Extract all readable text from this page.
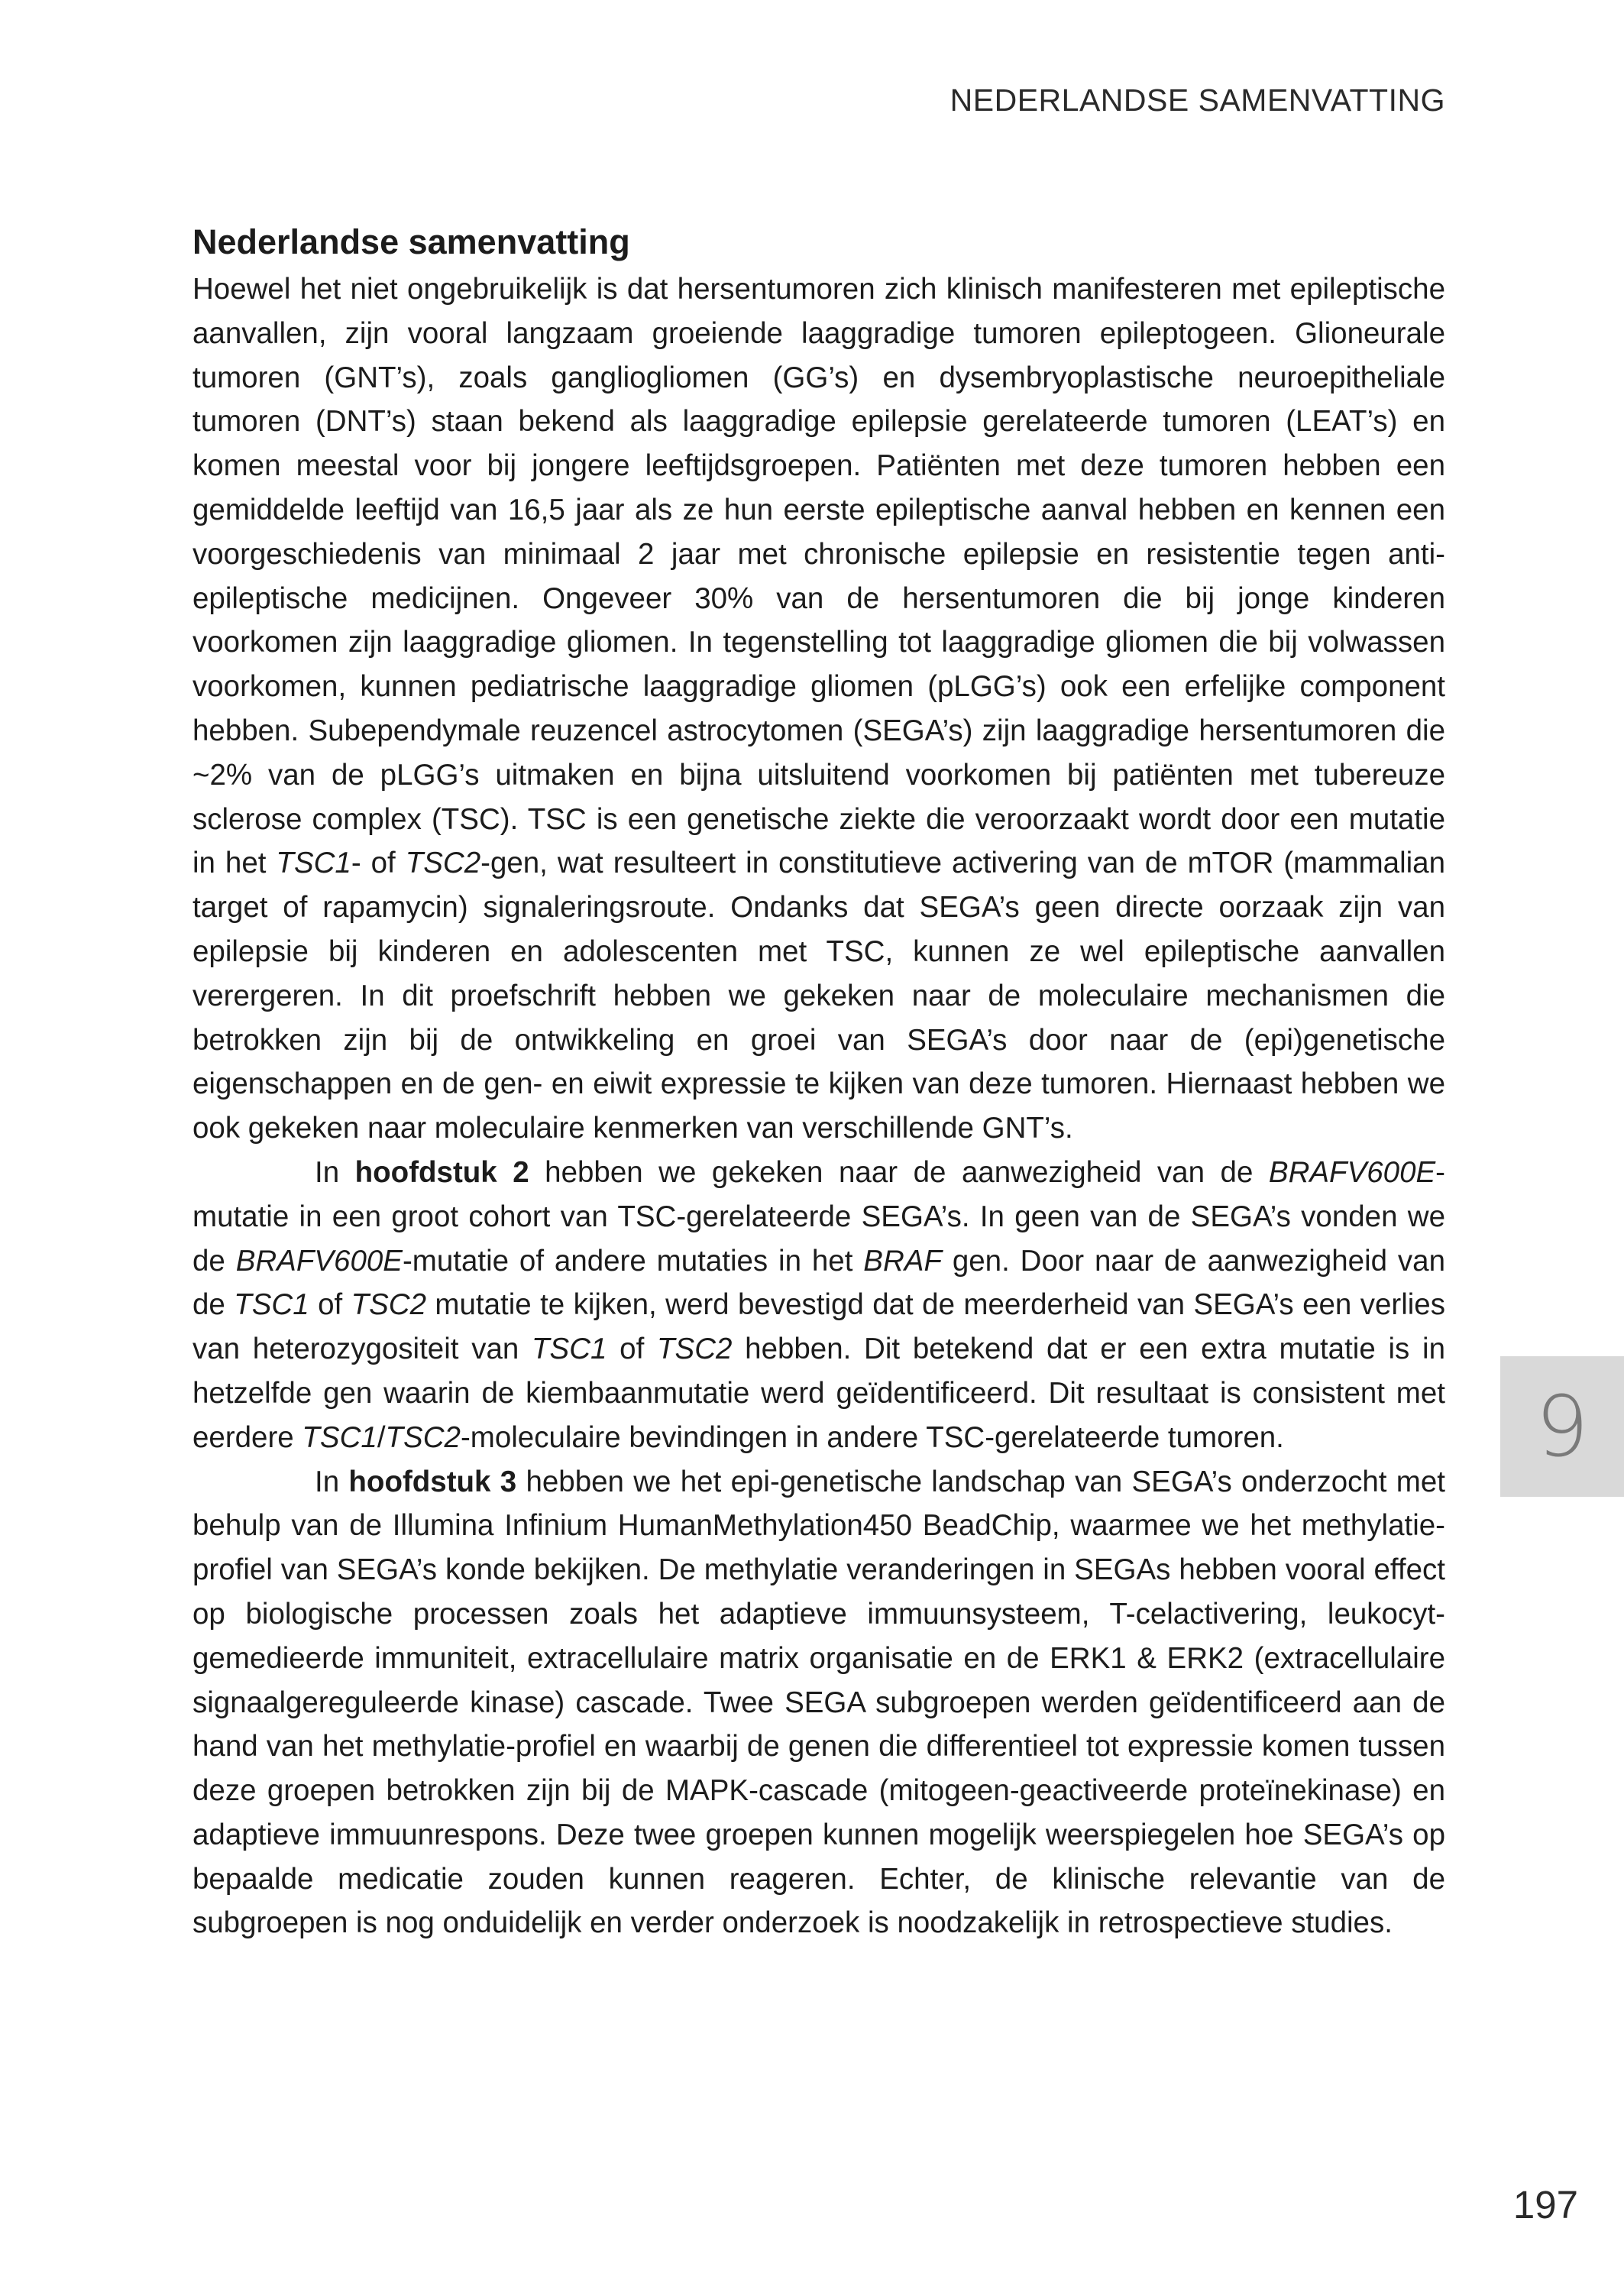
NEDERLANDSE SAMENVATTING
Nederlandse samenvatting

Hoewel het niet ongebruikelijk is dat hersentumoren zich klinisch manifesteren met epileptische aanvallen, zijn vooral langzaam groeiende laaggradige tumoren epileptogeen. Glioneurale tumoren (GNT’s), zoals gangliogliomen (GG’s) en dysembryoplastische neuroepitheliale tumoren (DNT’s) staan bekend als laaggradige epilepsie gerelateerde tumoren (LEAT’s) en komen meestal voor bij jongere leeftijdsgroepen. Patiënten met deze tumoren hebben een gemiddelde leeftijd van 16,5 jaar als ze hun eerste epileptische aanval hebben en kennen een voorgeschiedenis van minimaal 2 jaar met chronische epilepsie en resistentie tegen anti-epileptische medicijnen. Ongeveer 30% van de hersentumoren die bij jonge kinderen voorkomen zijn laaggradige gliomen. In tegenstelling tot laaggradige gliomen die bij volwassen voorkomen, kunnen pediatrische laaggradige gliomen (pLGG’s) ook een erfelijke component hebben. Subependymale reuzencel astrocytomen (SEGA’s) zijn laaggradige hersentumoren die ~2% van de pLGG’s uitmaken en bijna uitsluitend voorkomen bij patiënten met tubereuze sclerose complex (TSC). TSC is een genetische ziekte die veroorzaakt wordt door een mutatie in het TSC1- of TSC2-gen, wat resulteert in constitutieve activering van de mTOR (mammalian target of rapamycin) signaleringsroute. Ondanks dat SEGA’s geen directe oorzaak zijn van epilepsie bij kinderen en adolescenten met TSC, kunnen ze wel epileptische aanvallen verergeren. In dit proefschrift hebben we gekeken naar de moleculaire mechanismen die betrokken zijn bij de ontwikkeling en groei van SEGA’s door naar de (epi)genetische eigenschappen en de gen- en eiwit expressie te kijken van deze tumoren. Hiernaast hebben we ook gekeken naar moleculaire kenmerken van verschillende GNT’s.

In hoofdstuk 2 hebben we gekeken naar de aanwezigheid van de BRAFV600E-mutatie in een groot cohort van TSC-gerelateerde SEGA’s. In geen van de SEGA’s vonden we de BRAFV600E-mutatie of andere mutaties in het BRAF gen. Door naar de aanwezigheid van de TSC1 of TSC2 mutatie te kijken, werd bevestigd dat de meerderheid van SEGA’s een verlies van heterozygositeit van TSC1 of TSC2 hebben. Dit betekend dat er een extra mutatie is in hetzelfde gen waarin de kiembaanmutatie werd geïdentificeerd. Dit resultaat is consistent met eerdere TSC1/TSC2-moleculaire bevindingen in andere TSC-gerelateerde tumoren.

In hoofdstuk 3 hebben we het epi-genetische landschap van SEGA’s onderzocht met behulp van de Illumina Infinium HumanMethylation450 BeadChip, waarmee we het methylatie-profiel van SEGA’s konde bekijken. De methylatie veranderingen in SEGAs hebben vooral effect op biologische processen zoals het adaptieve immuunsysteem, T-celactivering, leukocyt-gemedieerde immuniteit, extracellulaire matrix organisatie en de ERK1 & ERK2 (extracellulaire signaalgereguleerde kinase) cascade. Twee SEGA subgroepen werden geïdentificeerd aan de hand van het methylatie-profiel en waarbij de genen die differentieel tot expressie komen tussen deze groepen betrokken zijn bij de MAPK-cascade (mitogeen-geactiveerde proteïnekinase) en adaptieve immuunrespons. Deze twee groepen kunnen mogelijk weerspiegelen hoe SEGA’s op bepaalde medicatie zouden kunnen reageren. Echter, de klinische relevantie van de subgroepen is nog onduidelijk en verder onderzoek is noodzakelijk in retrospectieve studies.

9
197
